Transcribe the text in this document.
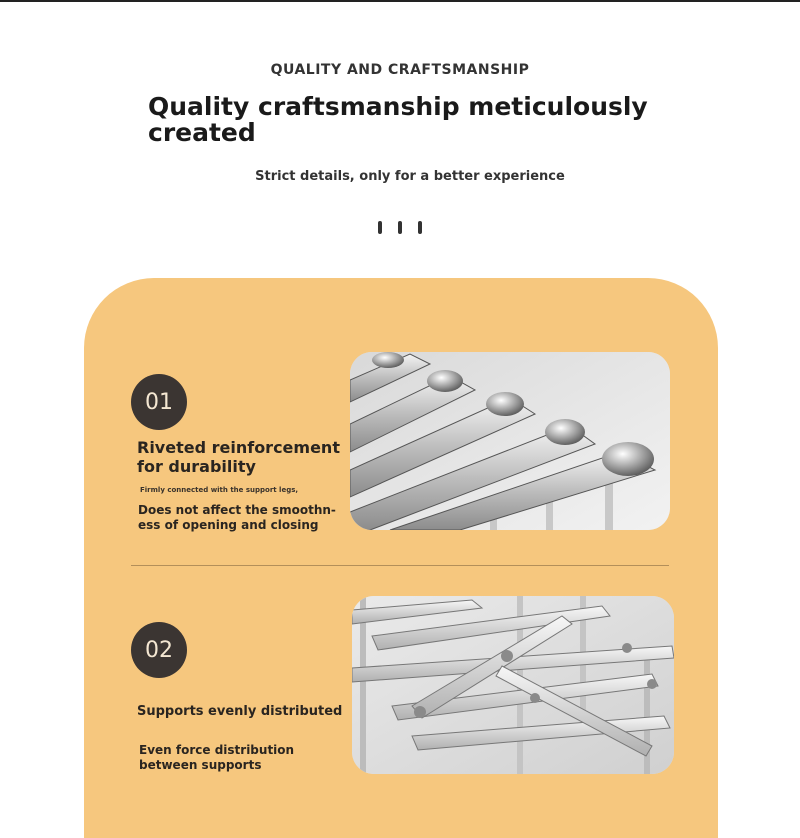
QUALITY AND CRAFTSMANSHIP
Quality craftsmanship meticulously created
Strict details, only for a better experience
01
Riveted reinforcement for durability
Firmly connected with the support legs,
Does not affect the smoothn- ess of opening and closing
02
Supports evenly distributed
Even force distribution between supports
